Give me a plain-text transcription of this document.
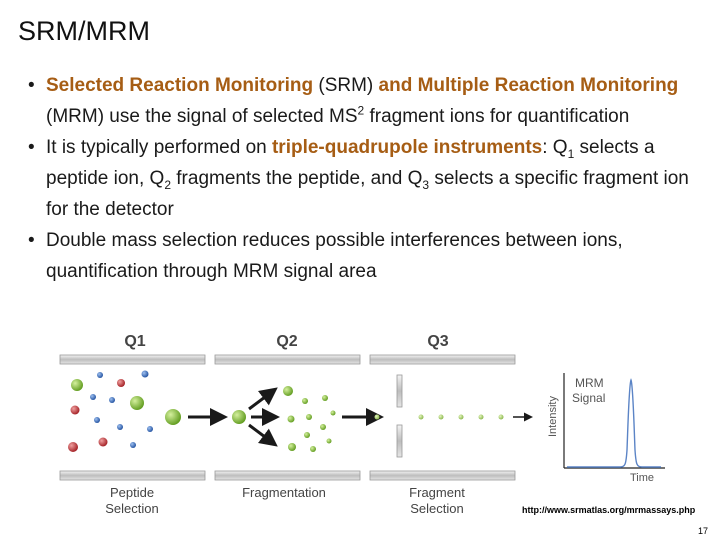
SRM/MRM
• Selected Reaction Monitoring (SRM) and Multiple Reaction Monitoring (MRM) use the signal of selected $MS^2$ fragment ions for quantification
• It is typically performed on triple-quadrupole instruments: $Q_1$ selects a peptide ion, $Q_2$ fragments the peptide, and $Q_3$ selects a specific fragment ion for the detector
• Double mass selection reduces possible interferences between ions, quantification through MRM signal area
Q1	Q2	Q3
MRM
Signal
Intensity
Time
Peptide
Selection
Fragmentation	Fragment
Selection	http://www.srmatlas.org/mrmassays.php
17
